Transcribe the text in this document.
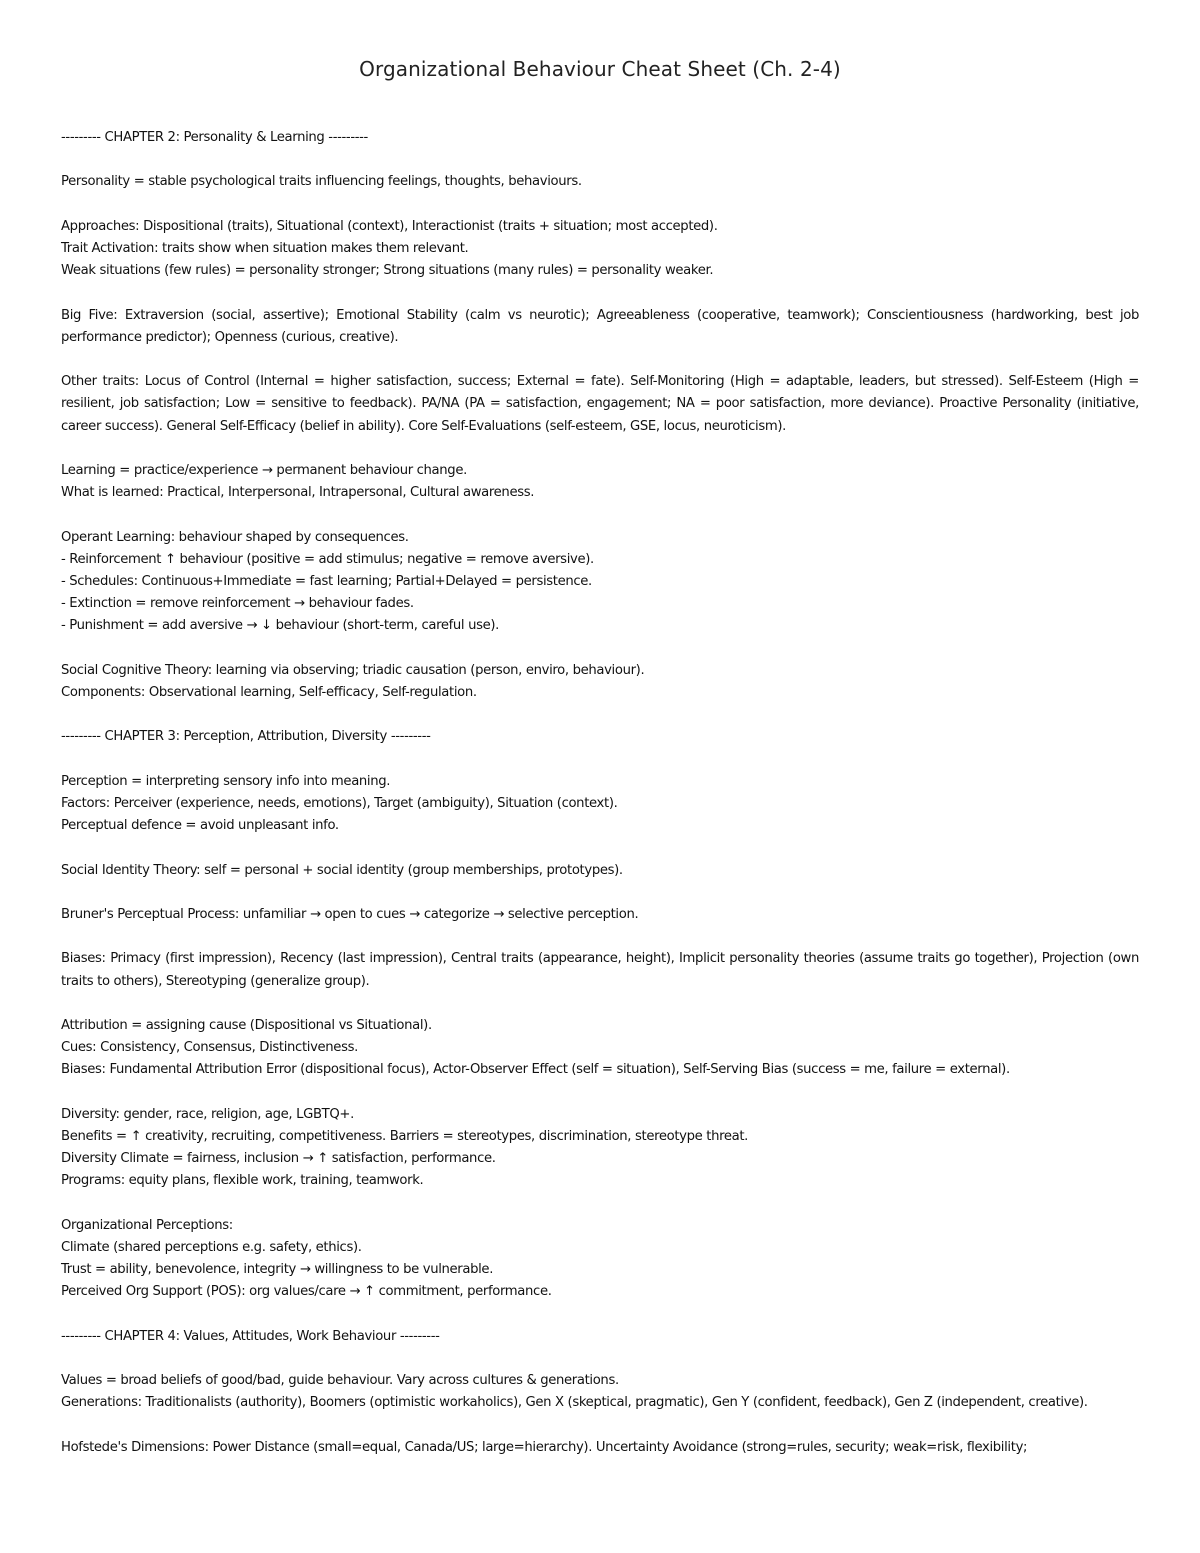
Organizational Behaviour Cheat Sheet (Ch. 2-4)
--------- CHAPTER 2: Personality & Learning ---------

Personality = stable psychological traits influencing feelings, thoughts, behaviours.

Approaches: Dispositional (traits), Situational (context), Interactionist (traits + situation; most accepted).
Trait Activation: traits show when situation makes them relevant.
Weak situations (few rules) = personality stronger; Strong situations (many rules) = personality weaker.

Big Five: Extraversion (social, assertive); Emotional Stability (calm vs neurotic); Agreeableness (cooperative, teamwork); Conscientiousness (hardworking, best job performance predictor); Openness (curious, creative).

Other traits: Locus of Control (Internal = higher satisfaction, success; External = fate). Self-Monitoring (High = adaptable, leaders, but stressed). Self-Esteem (High = resilient, job satisfaction; Low = sensitive to feedback). PA/NA (PA = satisfaction, engagement; NA = poor satisfaction, more deviance). Proactive Personality (initiative, career success). General Self-Efficacy (belief in ability). Core Self-Evaluations (self-esteem, GSE, locus, neuroticism).

Learning = practice/experience → permanent behaviour change.
What is learned: Practical, Interpersonal, Intrapersonal, Cultural awareness.

Operant Learning: behaviour shaped by consequences.
- Reinforcement ↑ behaviour (positive = add stimulus; negative = remove aversive).
- Schedules: Continuous+Immediate = fast learning; Partial+Delayed = persistence.
- Extinction = remove reinforcement → behaviour fades.
- Punishment = add aversive → ↓ behaviour (short-term, careful use).

Social Cognitive Theory: learning via observing; triadic causation (person, enviro, behaviour).
Components: Observational learning, Self-efficacy, Self-regulation.

--------- CHAPTER 3: Perception, Attribution, Diversity ---------

Perception = interpreting sensory info into meaning.
Factors: Perceiver (experience, needs, emotions), Target (ambiguity), Situation (context).
Perceptual defence = avoid unpleasant info.

Social Identity Theory: self = personal + social identity (group memberships, prototypes).

Bruner's Perceptual Process: unfamiliar → open to cues → categorize → selective perception.

Biases: Primacy (first impression), Recency (last impression), Central traits (appearance, height), Implicit personality theories (assume traits go together), Projection (own traits to others), Stereotyping (generalize group).

Attribution = assigning cause (Dispositional vs Situational).
Cues: Consistency, Consensus, Distinctiveness.
Biases: Fundamental Attribution Error (dispositional focus), Actor-Observer Effect (self = situation), Self-Serving Bias (success = me, failure = external).

Diversity: gender, race, religion, age, LGBTQ+.
Benefits = ↑ creativity, recruiting, competitiveness. Barriers = stereotypes, discrimination, stereotype threat.
Diversity Climate = fairness, inclusion → ↑ satisfaction, performance.
Programs: equity plans, flexible work, training, teamwork.

Organizational Perceptions:
Climate (shared perceptions e.g. safety, ethics).
Trust = ability, benevolence, integrity → willingness to be vulnerable.
Perceived Org Support (POS): org values/care → ↑ commitment, performance.

--------- CHAPTER 4: Values, Attitudes, Work Behaviour ---------

Values = broad beliefs of good/bad, guide behaviour. Vary across cultures & generations.
Generations: Traditionalists (authority), Boomers (optimistic workaholics), Gen X (skeptical, pragmatic), Gen Y (confident, feedback), Gen Z (independent, creative).

Hofstede's Dimensions: Power Distance (small=equal, Canada/US; large=hierarchy). Uncertainty Avoidance (strong=rules, security; weak=risk, flexibility;
